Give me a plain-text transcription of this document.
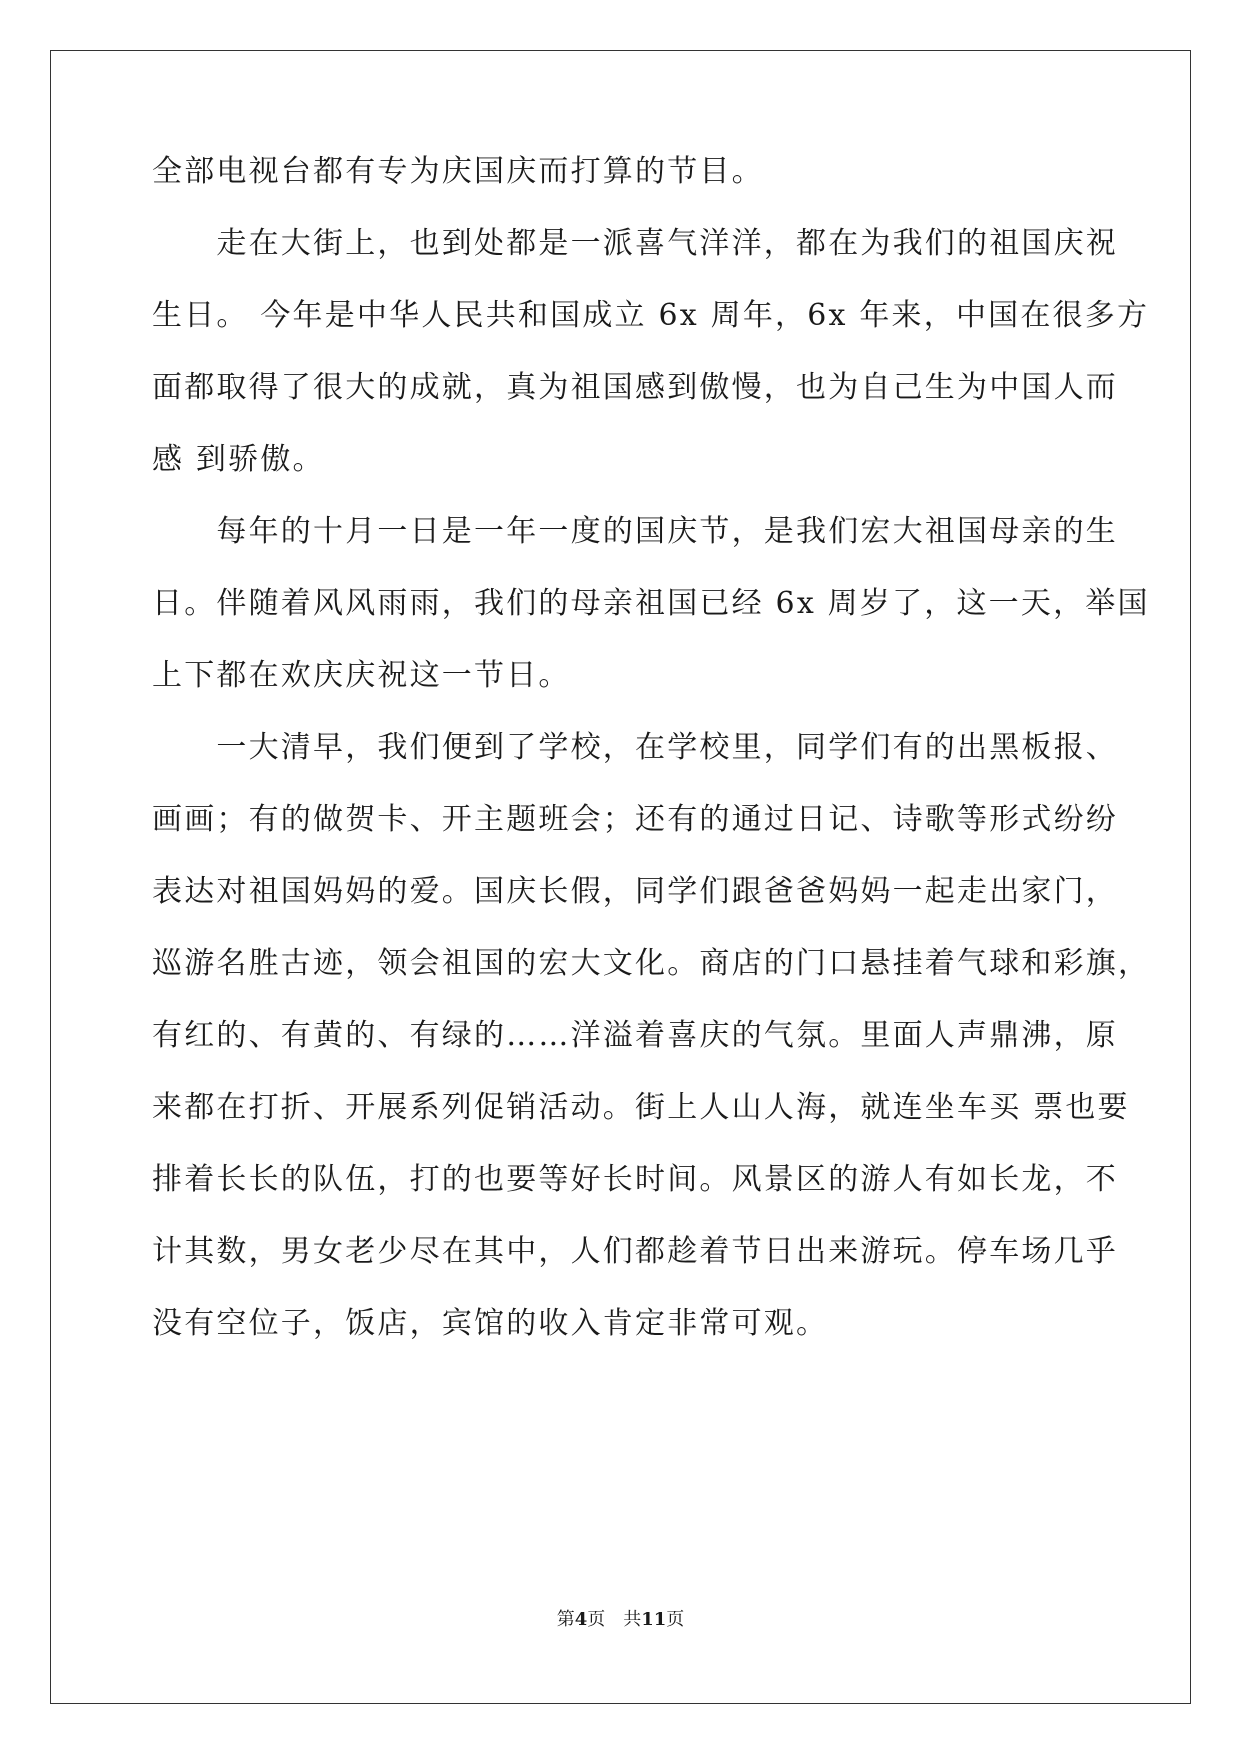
全部电视台都有专为庆国庆而打算的节目。
　　走在大街上，也到处都是一派喜气洋洋，都在为我们的祖国庆祝
生日。 今年是中华人民共和国成立 6x 周年，6x 年来，中国在很多方
面都取得了很大的成就，真为祖国感到傲慢，也为自己生为中国人而
感 到骄傲。
　　每年的十月一日是一年一度的国庆节，是我们宏大祖国母亲的生
日。伴随着风风雨雨，我们的母亲祖国已经 6x 周岁了，这一天，举国
上下都在欢庆庆祝这一节日。
　　一大清早，我们便到了学校，在学校里，同学们有的出黑板报、
画画；有的做贺卡、开主题班会；还有的通过日记、诗歌等形式纷纷
表达对祖国妈妈的爱。国庆长假，同学们跟爸爸妈妈一起走出家门，
巡游名胜古迹，领会祖国的宏大文化。商店的门口悬挂着气球和彩旗，
有红的、有黄的、有绿的……洋溢着喜庆的气氛。里面人声鼎沸，原
来都在打折、开展系列促销活动。街上人山人海，就连坐车买 票也要
排着长长的队伍，打的也要等好长时间。风景区的游人有如长龙，不
计其数，男女老少尽在其中，人们都趁着节日出来游玩。停车场几乎
没有空位子，饭店，宾馆的收入肯定非常可观。
第4页　共11页
